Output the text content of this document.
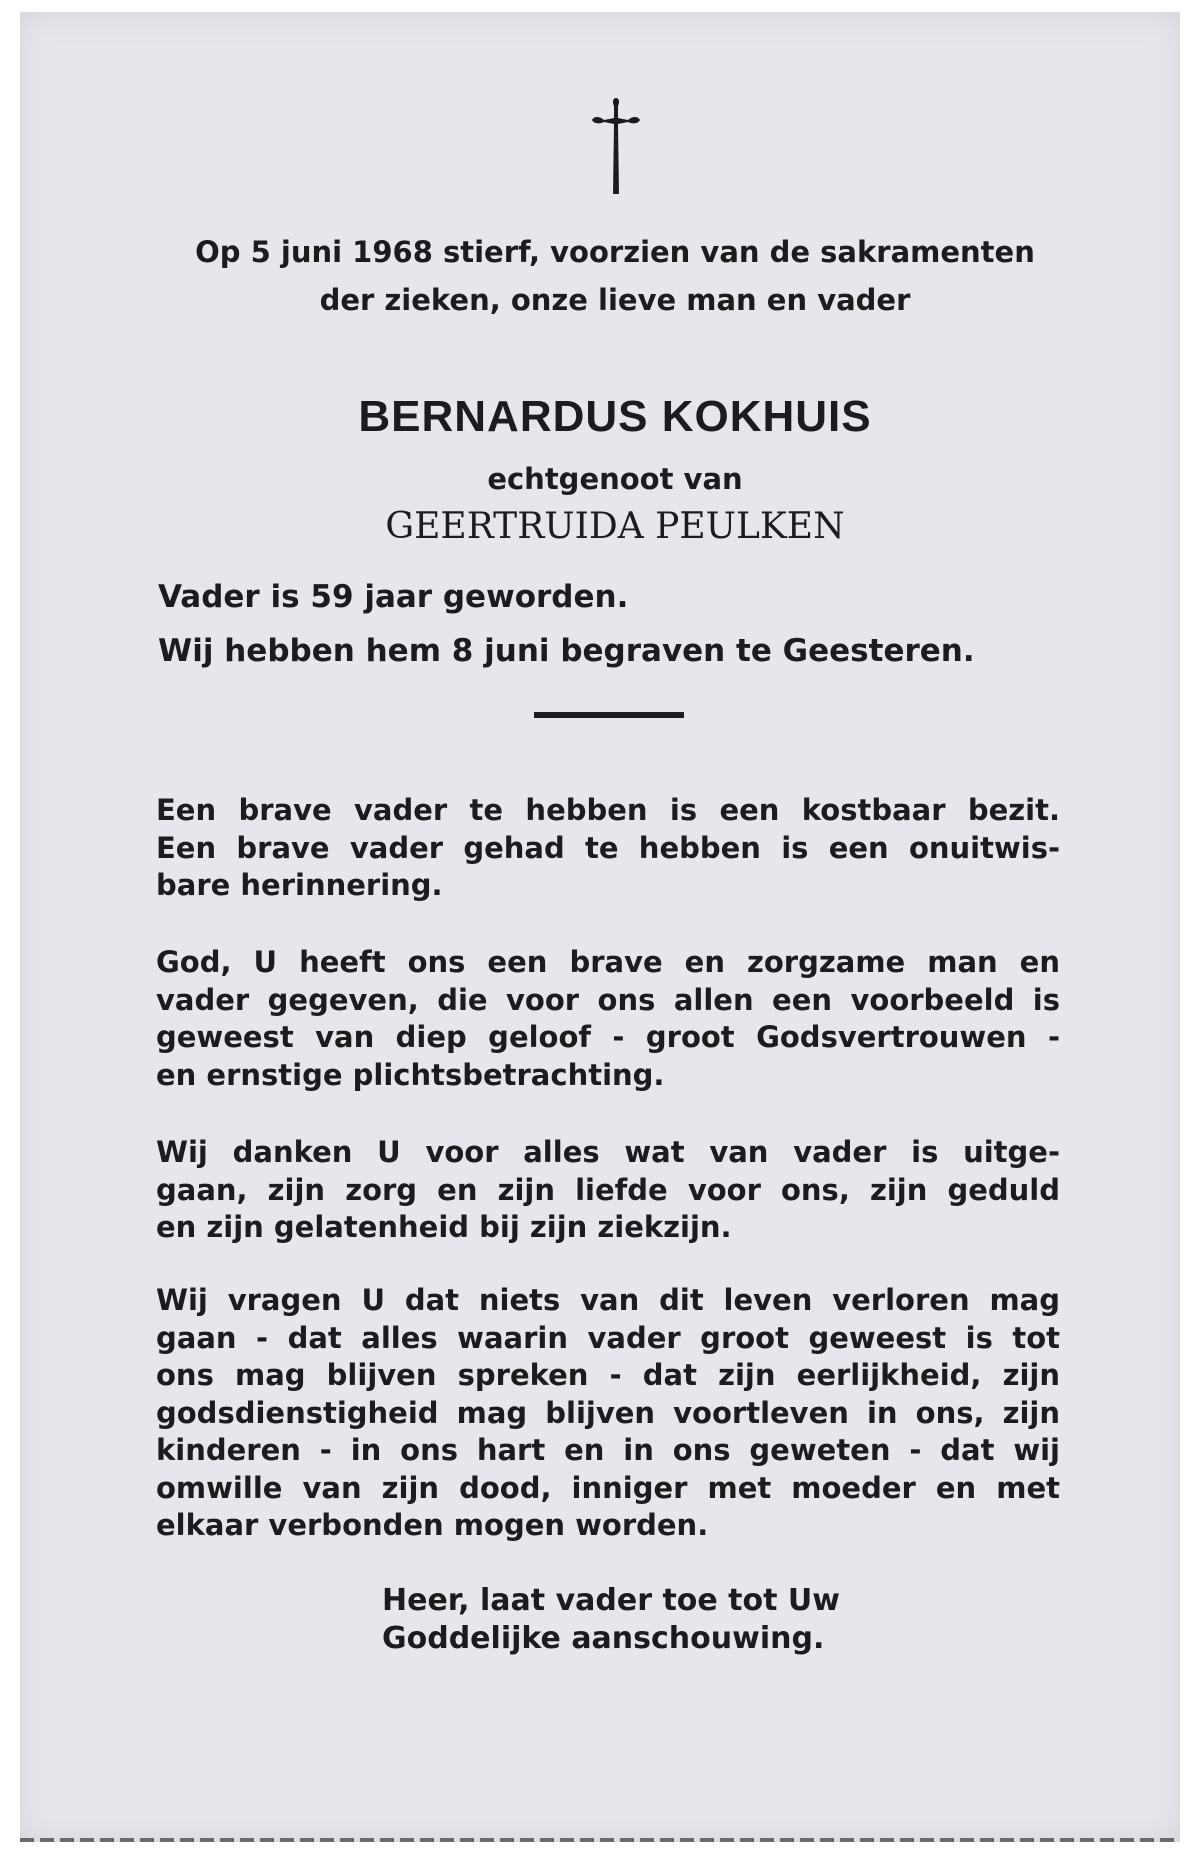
Op 5 juni 1968 stierf, voorzien van de sakramenten

der zieken, onze lieve man en vader

BERNARDUS KOKHUIS

echtgenoot van

GEERTRUIDA PEULKEN

Vader is 59 jaar geworden.

Wij hebben hem 8 juni begraven te Geesteren.

Een brave vader te hebben is een kostbaar bezit.

Een brave vader gehad te hebben is een onuitwis-

bare herinnering.

God, U heeft ons een brave en zorgzame man en

vader gegeven, die voor ons allen een voorbeeld is

geweest van diep geloof - groot Godsvertrouwen -

en ernstige plichtsbetrachting.

Wij danken U voor alles wat van vader is uitge-

gaan, zijn zorg en zijn liefde voor ons, zijn geduld

en zijn gelatenheid bij zijn ziekzijn.

Wij vragen U dat niets van dit leven verloren mag

gaan - dat alles waarin vader groot geweest is tot

ons mag blijven spreken - dat zijn eerlijkheid, zijn

godsdienstigheid mag blijven voortleven in ons, zijn

kinderen - in ons hart en in ons geweten - dat wij

omwille van zijn dood, inniger met moeder en met

elkaar verbonden mogen worden.

Heer, laat vader toe tot Uw

Goddelijke aanschouwing.
